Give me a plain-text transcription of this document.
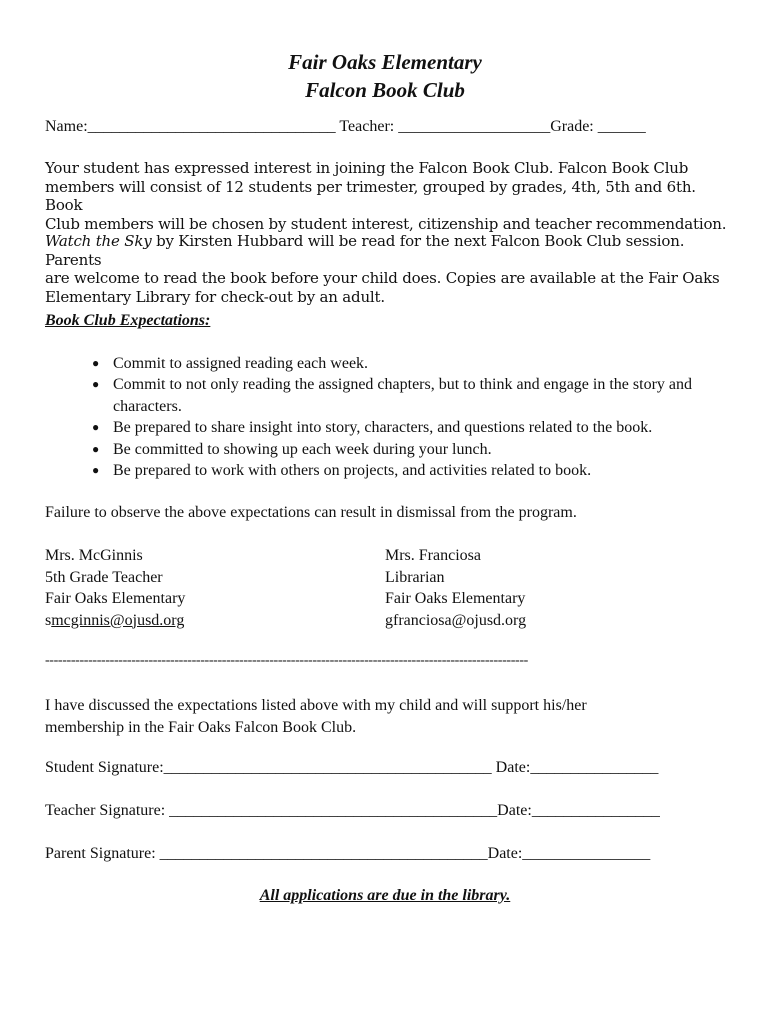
Fair Oaks Elementary
Falcon Book Club
Name:_______________________________ Teacher: ___________________Grade: ______
Your student has expressed interest in joining the Falcon Book Club. Falcon Book Club
members will consist of 12 students per trimester, grouped by grades, 4th, 5th and 6th. Book
Club members will be chosen by student interest, citizenship and teacher recommendation.
Watch the Sky by Kirsten Hubbard will be read for the next Falcon Book Club session. Parents
are welcome to read the book before your child does. Copies are available at the Fair Oaks
Elementary Library for check-out by an adult.
Book Club Expectations:
● Commit to assigned reading each week.
● Commit to not only reading the assigned chapters, but to think and engage in the story and characters.
● Be prepared to share insight into story, characters, and questions related to the book.
● Be committed to showing up each week during your lunch.
● Be prepared to work with others on projects, and activities related to book.
Failure to observe the above expectations can result in dismissal from the program.
Mrs. McGinnis
5th Grade Teacher
Fair Oaks Elementary
smcginnis@ojusd.org
Mrs. Franciosa
Librarian
Fair Oaks Elementary
gfranciosa@ojusd.org
----------------------------------------------------------------------------------------------------------------
I have discussed the expectations listed above with my child and will support his/her
membership in the Fair Oaks Falcon Book Club.
Student Signature:_________________________________________ Date:________________
Teacher Signature: _________________________________________Date:________________
Parent Signature: _________________________________________Date:________________
All applications are due in the library.
